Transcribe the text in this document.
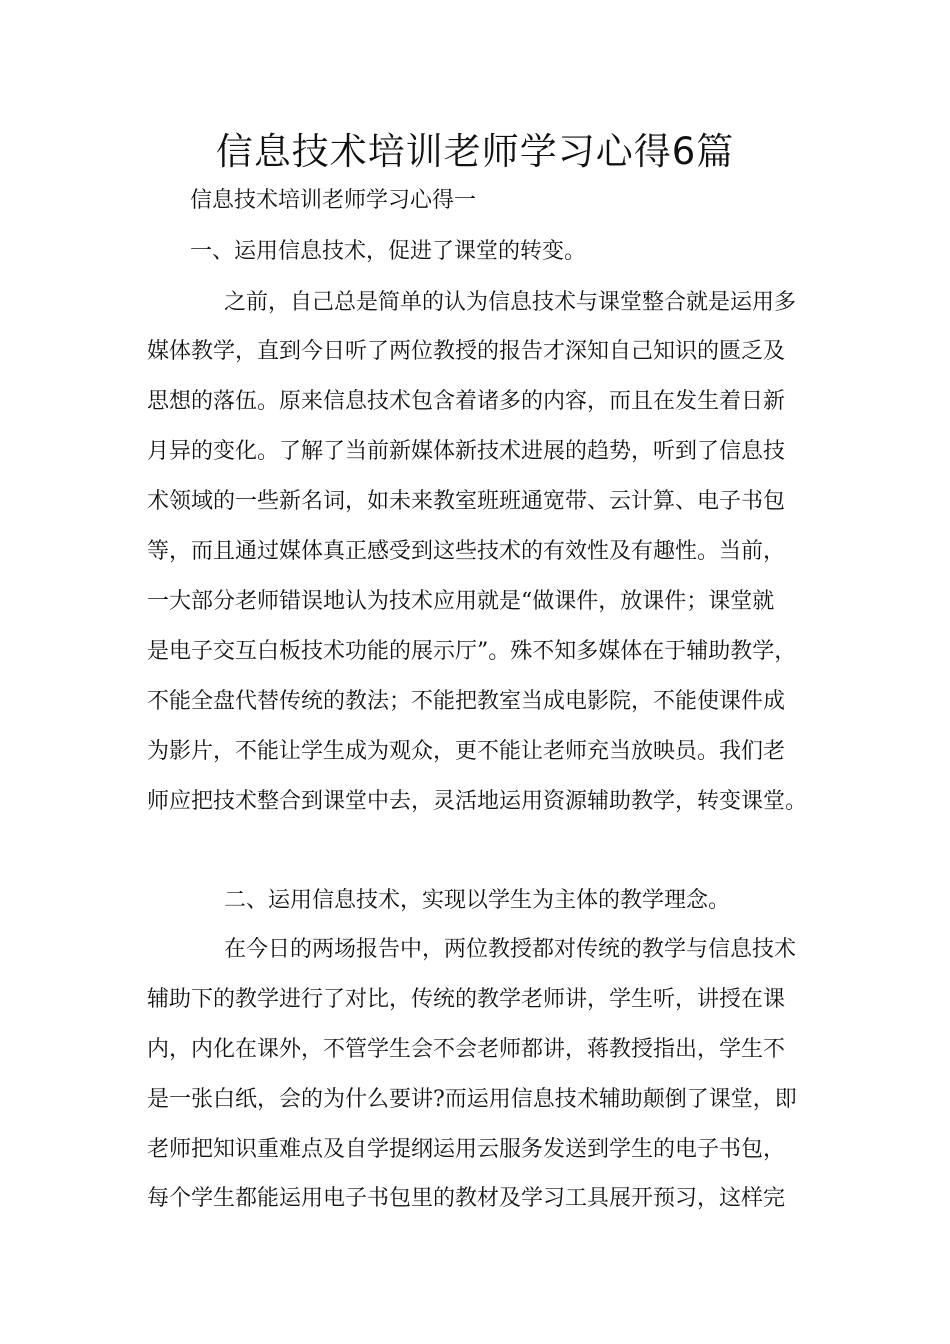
信息技术培训老师学习心得6篇

信息技术培训老师学习心得一

一、运用信息技术，促进了课堂的转变。

之前，自己总是简单的认为信息技术与课堂整合就是运用多

媒体教学，直到今日听了两位教授的报告才深知自己知识的匮乏及

思想的落伍。原来信息技术包含着诸多的内容，而且在发生着日新

月异的变化。了解了当前新媒体新技术进展的趋势，听到了信息技

术领域的一些新名词，如未来教室班班通宽带、云计算、电子书包

等，而且通过媒体真正感受到这些技术的有效性及有趣性。当前，

一大部分老师错误地认为技术应用就是“做课件，放课件；课堂就

是电子交互白板技术功能的展示厅”。殊不知多媒体在于辅助教学，

不能全盘代替传统的教法；不能把教室当成电影院，不能使课件成

为影片，不能让学生成为观众，更不能让老师充当放映员。我们老

师应把技术整合到课堂中去，灵活地运用资源辅助教学，转变课堂。

二、运用信息技术，实现以学生为主体的教学理念。

在今日的两场报告中，两位教授都对传统的教学与信息技术

辅助下的教学进行了对比，传统的教学老师讲，学生听，讲授在课

内，内化在课外，不管学生会不会老师都讲，蒋教授指出，学生不

是一张白纸，会的为什么要讲?而运用信息技术辅助颠倒了课堂，即

老师把知识重难点及自学提纲运用云服务发送到学生的电子书包，

每个学生都能运用电子书包里的教材及学习工具展开预习，这样完
